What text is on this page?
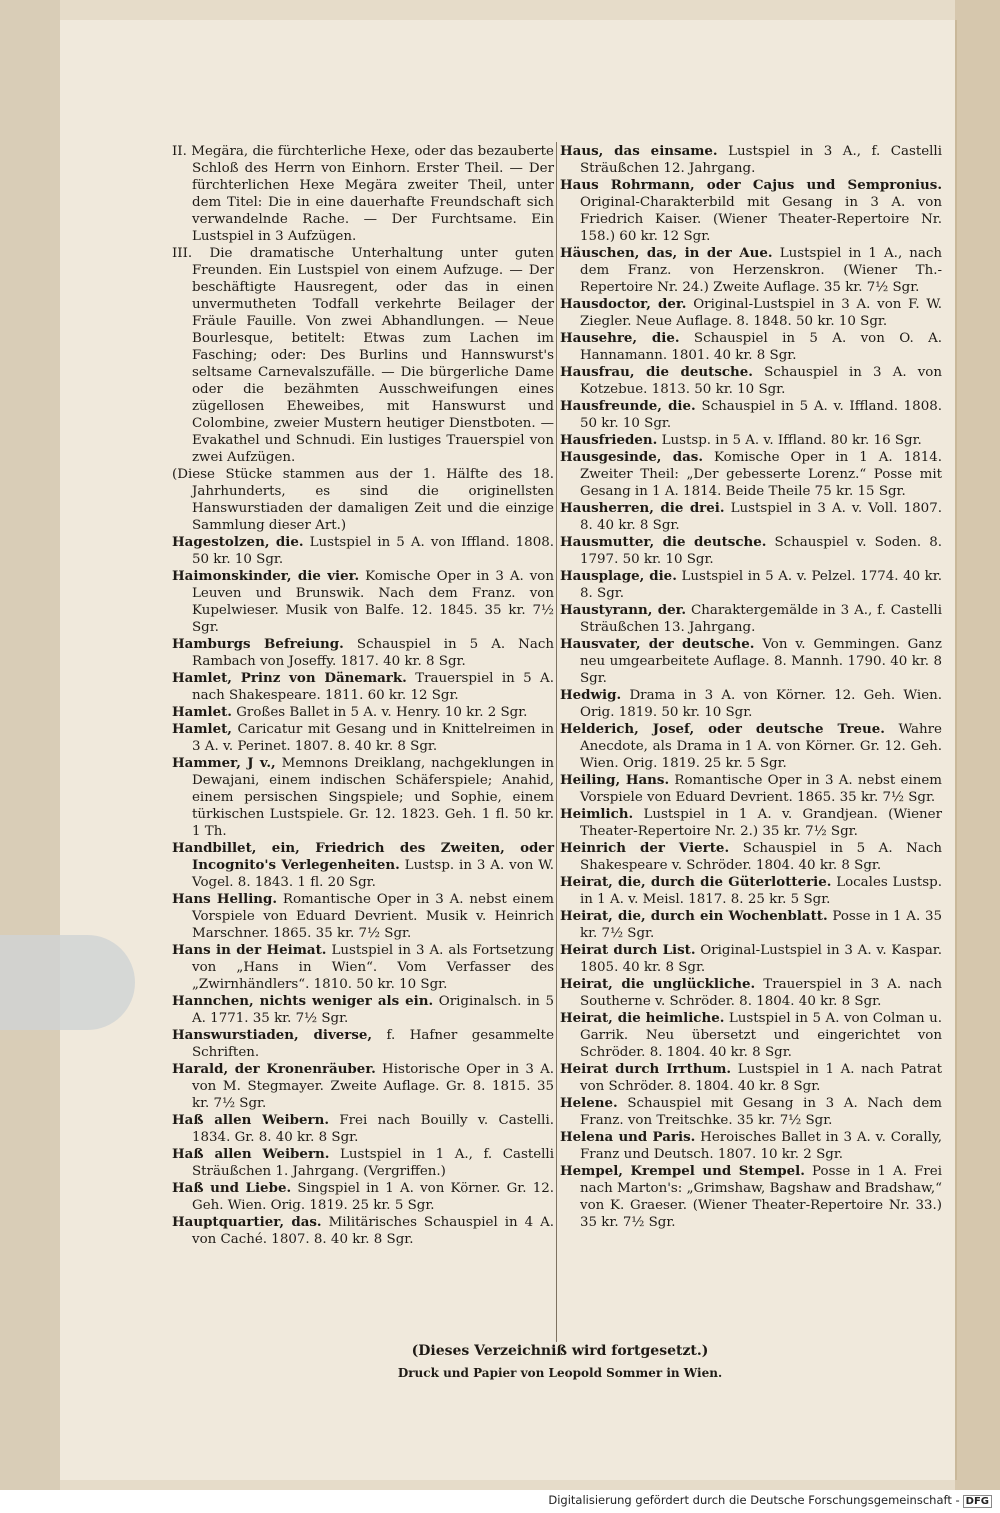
II. Megära, die fürchterliche Hexe, oder das bezauberte Schloß des Herrn von Einhorn. Erster Theil. — Der fürchterlichen Hexe Megära zweiter Theil, unter dem Titel: Die in eine dauerhafte Freundschaft sich verwandelnde Rache. — Der Furchtsame. Ein Lustspiel in 3 Aufzügen.

III. Die dramatische Unterhaltung unter guten Freunden. Ein Lustspiel von einem Aufzuge. — Der beschäftigte Hausregent, oder das in einen unvermutheten Todfall verkehrte Beilager der Fräule Fauille. Von zwei Abhandlungen. — Neue Bourlesque, betitelt: Etwas zum Lachen im Fasching; oder: Des Burlins und Hannswurst's seltsame Carnevalszufälle. — Die bürgerliche Dame oder die bezähmten Ausschweifungen eines zügellosen Eheweibes, mit Hanswurst und Colombine, zweier Mustern heutiger Dienstboten. — Evakathel und Schnudi. Ein lustiges Trauerspiel von zwei Aufzügen.

(Diese Stücke stammen aus der 1. Hälfte des 18. Jahrhunderts, es sind die originellsten Hanswurstiaden der damaligen Zeit und die einzige Sammlung dieser Art.)

Hagestolzen, die. Lustspiel in 5 A. von Iffland. 1808. 50 kr. 10 Sgr.

Haimonskinder, die vier. Komische Oper in 3 A. von Leuven und Brunswik. Nach dem Franz. von Kupelwieser. Musik von Balfe. 12. 1845. 35 kr. 7½ Sgr.

Hamburgs Befreiung. Schauspiel in 5 A. Nach Rambach von Joseffy. 1817. 40 kr. 8 Sgr.

Hamlet, Prinz von Dänemark. Trauerspiel in 5 A. nach Shakespeare. 1811. 60 kr. 12 Sgr.

Hamlet. Großes Ballet in 5 A. v. Henry. 10 kr. 2 Sgr.

Hamlet, Caricatur mit Gesang und in Knittelreimen in 3 A. v. Perinet. 1807. 8. 40 kr. 8 Sgr.

Hammer, J v., Memnons Dreiklang, nachgeklungen in Dewajani, einem indischen Schäferspiele; Anahid, einem persischen Singspiele; und Sophie, einem türkischen Lustspiele. Gr. 12. 1823. Geh. 1 fl. 50 kr. 1 Th.

Handbillet, ein, Friedrich des Zweiten, oder Incognito's Verlegenheiten. Lustsp. in 3 A. von W. Vogel. 8. 1843. 1 fl. 20 Sgr.

Hans Helling. Romantische Oper in 3 A. nebst einem Vorspiele von Eduard Devrient. Musik v. Heinrich Marschner. 1865. 35 kr. 7½ Sgr.

Hans in der Heimat. Lustspiel in 3 A. als Fortsetzung von „Hans in Wien“. Vom Verfasser des „Zwirnhändlers“. 1810. 50 kr. 10 Sgr.

Hannchen, nichts weniger als ein. Originalsch. in 5 A. 1771. 35 kr. 7½ Sgr.

Hanswurstiaden, diverse, f. Hafner gesammelte Schriften.

Harald, der Kronenräuber. Historische Oper in 3 A. von M. Stegmayer. Zweite Auflage. Gr. 8. 1815. 35 kr. 7½ Sgr.

Haß allen Weibern. Frei nach Bouilly v. Castelli. 1834. Gr. 8. 40 kr. 8 Sgr.

Haß allen Weibern. Lustspiel in 1 A., f. Castelli Sträußchen 1. Jahrgang. (Vergriffen.)

Haß und Liebe. Singspiel in 1 A. von Körner. Gr. 12. Geh. Wien. Orig. 1819. 25 kr. 5 Sgr.

Hauptquartier, das. Militärisches Schauspiel in 4 A. von Caché. 1807. 8. 40 kr. 8 Sgr.

Haus, das einsame. Lustspiel in 3 A., f. Castelli Sträußchen 12. Jahrgang.

Haus Rohrmann, oder Cajus und Sempronius. Original-Charakterbild mit Gesang in 3 A. von Friedrich Kaiser. (Wiener Theater-Repertoire Nr. 158.) 60 kr. 12 Sgr.

Häuschen, das, in der Aue. Lustspiel in 1 A., nach dem Franz. von Herzenskron. (Wiener Th.-Repertoire Nr. 24.) Zweite Auflage. 35 kr. 7½ Sgr.

Hausdoctor, der. Original-Lustspiel in 3 A. von F. W. Ziegler. Neue Auflage. 8. 1848. 50 kr. 10 Sgr.

Hausehre, die. Schauspiel in 5 A. von O. A. Hannamann. 1801. 40 kr. 8 Sgr.

Hausfrau, die deutsche. Schauspiel in 3 A. von Kotzebue. 1813. 50 kr. 10 Sgr.

Hausfreunde, die. Schauspiel in 5 A. v. Iffland. 1808. 50 kr. 10 Sgr.

Hausfrieden. Lustsp. in 5 A. v. Iffland. 80 kr. 16 Sgr.

Hausgesinde, das. Komische Oper in 1 A. 1814. Zweiter Theil: „Der gebesserte Lorenz.“ Posse mit Gesang in 1 A. 1814. Beide Theile 75 kr. 15 Sgr.

Hausherren, die drei. Lustspiel in 3 A. v. Voll. 1807. 8. 40 kr. 8 Sgr.

Hausmutter, die deutsche. Schauspiel v. Soden. 8. 1797. 50 kr. 10 Sgr.

Hausplage, die. Lustspiel in 5 A. v. Pelzel. 1774. 40 kr. 8. Sgr.

Haustyrann, der. Charaktergemälde in 3 A., f. Castelli Sträußchen 13. Jahrgang.

Hausvater, der deutsche. Von v. Gemmingen. Ganz neu umgearbeitete Auflage. 8. Mannh. 1790. 40 kr. 8 Sgr.

Hedwig. Drama in 3 A. von Körner. 12. Geh. Wien. Orig. 1819. 50 kr. 10 Sgr.

Helderich, Josef, oder deutsche Treue. Wahre Anecdote, als Drama in 1 A. von Körner. Gr. 12. Geh. Wien. Orig. 1819. 25 kr. 5 Sgr.

Heiling, Hans. Romantische Oper in 3 A. nebst einem Vorspiele von Eduard Devrient. 1865. 35 kr. 7½ Sgr.

Heimlich. Lustspiel in 1 A. v. Grandjean. (Wiener Theater-Repertoire Nr. 2.) 35 kr. 7½ Sgr.

Heinrich der Vierte. Schauspiel in 5 A. Nach Shakespeare v. Schröder. 1804. 40 kr. 8 Sgr.

Heirat, die, durch die Güterlotterie. Locales Lustsp. in 1 A. v. Meisl. 1817. 8. 25 kr. 5 Sgr.

Heirat, die, durch ein Wochenblatt. Posse in 1 A. 35 kr. 7½ Sgr.

Heirat durch List. Original-Lustspiel in 3 A. v. Kaspar. 1805. 40 kr. 8 Sgr.

Heirat, die unglückliche. Trauerspiel in 3 A. nach Southerne v. Schröder. 8. 1804. 40 kr. 8 Sgr.

Heirat, die heimliche. Lustspiel in 5 A. von Colman u. Garrik. Neu übersetzt und eingerichtet von Schröder. 8. 1804. 40 kr. 8 Sgr.

Heirat durch Irrthum. Lustspiel in 1 A. nach Patrat von Schröder. 8. 1804. 40 kr. 8 Sgr.

Helene. Schauspiel mit Gesang in 3 A. Nach dem Franz. von Treitschke. 35 kr. 7½ Sgr.

Helena und Paris. Heroisches Ballet in 3 A. v. Corally, Franz und Deutsch. 1807. 10 kr. 2 Sgr.

Hempel, Krempel und Stempel. Posse in 1 A. Frei nach Marton's: „Grimshaw, Bagshaw and Bradshaw,“ von K. Graeser. (Wiener Theater-Repertoire Nr. 33.) 35 kr. 7½ Sgr.

(Dieses Verzeichniß wird fortgesetzt.)
Druck und Papier von Leopold Sommer in Wien.
Digitalisierung gefördert durch die Deutsche Forschungsgemeinschaft - DFG
